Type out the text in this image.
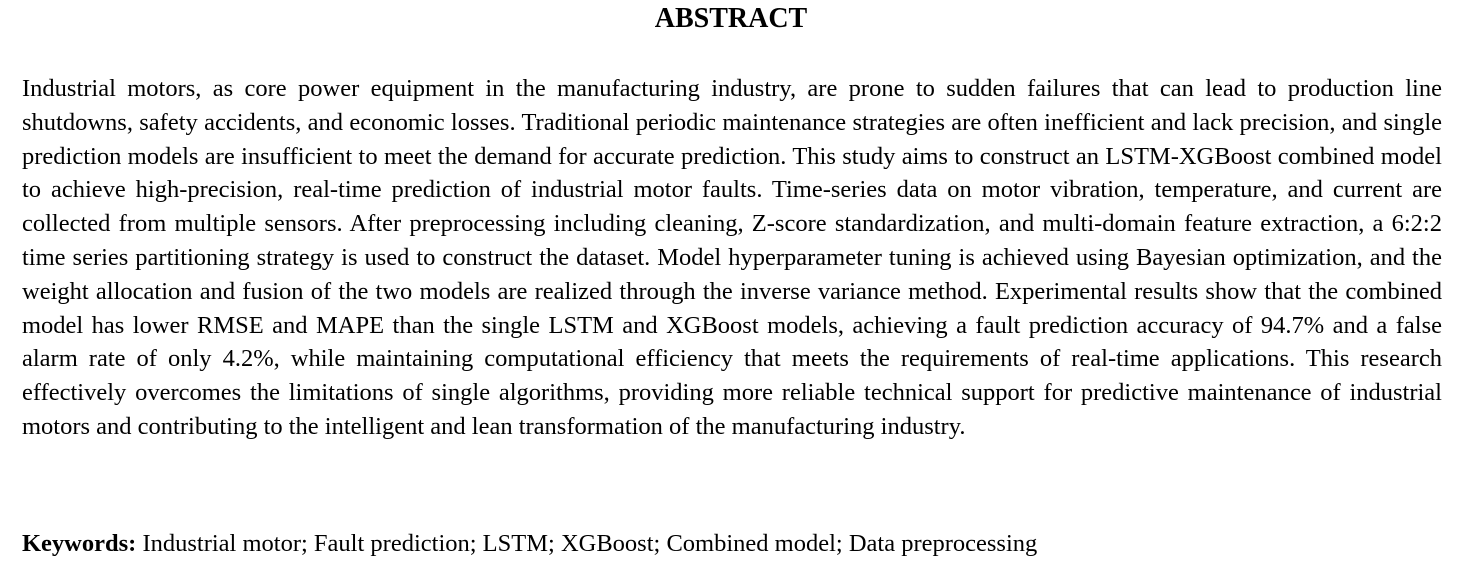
ABSTRACT

Industrial motors, as core power equipment in the manufacturing industry, are prone to sudden failures that can lead to production line shutdowns, safety accidents, and economic losses. Traditional periodic maintenance strategies are often inefficient and lack precision, and single prediction models are insufficient to meet the demand for accurate prediction. This study aims to construct an LSTM-XGBoost combined model to achieve high-precision, real-time prediction of industrial motor faults. Time-series data on motor vibration, temperature, and current are collected from multiple sensors. After preprocessing including cleaning, Z-score standardization, and multi-domain feature extraction, a 6:2:2 time series partitioning strategy is used to construct the dataset. Model hyperparameter tuning is achieved using Bayesian optimization, and the weight allocation and fusion of the two models are realized through the inverse variance method. Experimental results show that the combined model has lower RMSE and MAPE than the single LSTM and XGBoost models, achieving a fault prediction accuracy of 94.7% and a false alarm rate of only 4.2%, while maintaining computational efficiency that meets the requirements of real-time applications. This research effectively overcomes the limitations of single algorithms, providing more reliable technical support for predictive maintenance of industrial motors and contributing to the intelligent and lean transformation of the manufacturing industry.

Keywords: Industrial motor; Fault prediction; LSTM; XGBoost; Combined model; Data preprocessing
